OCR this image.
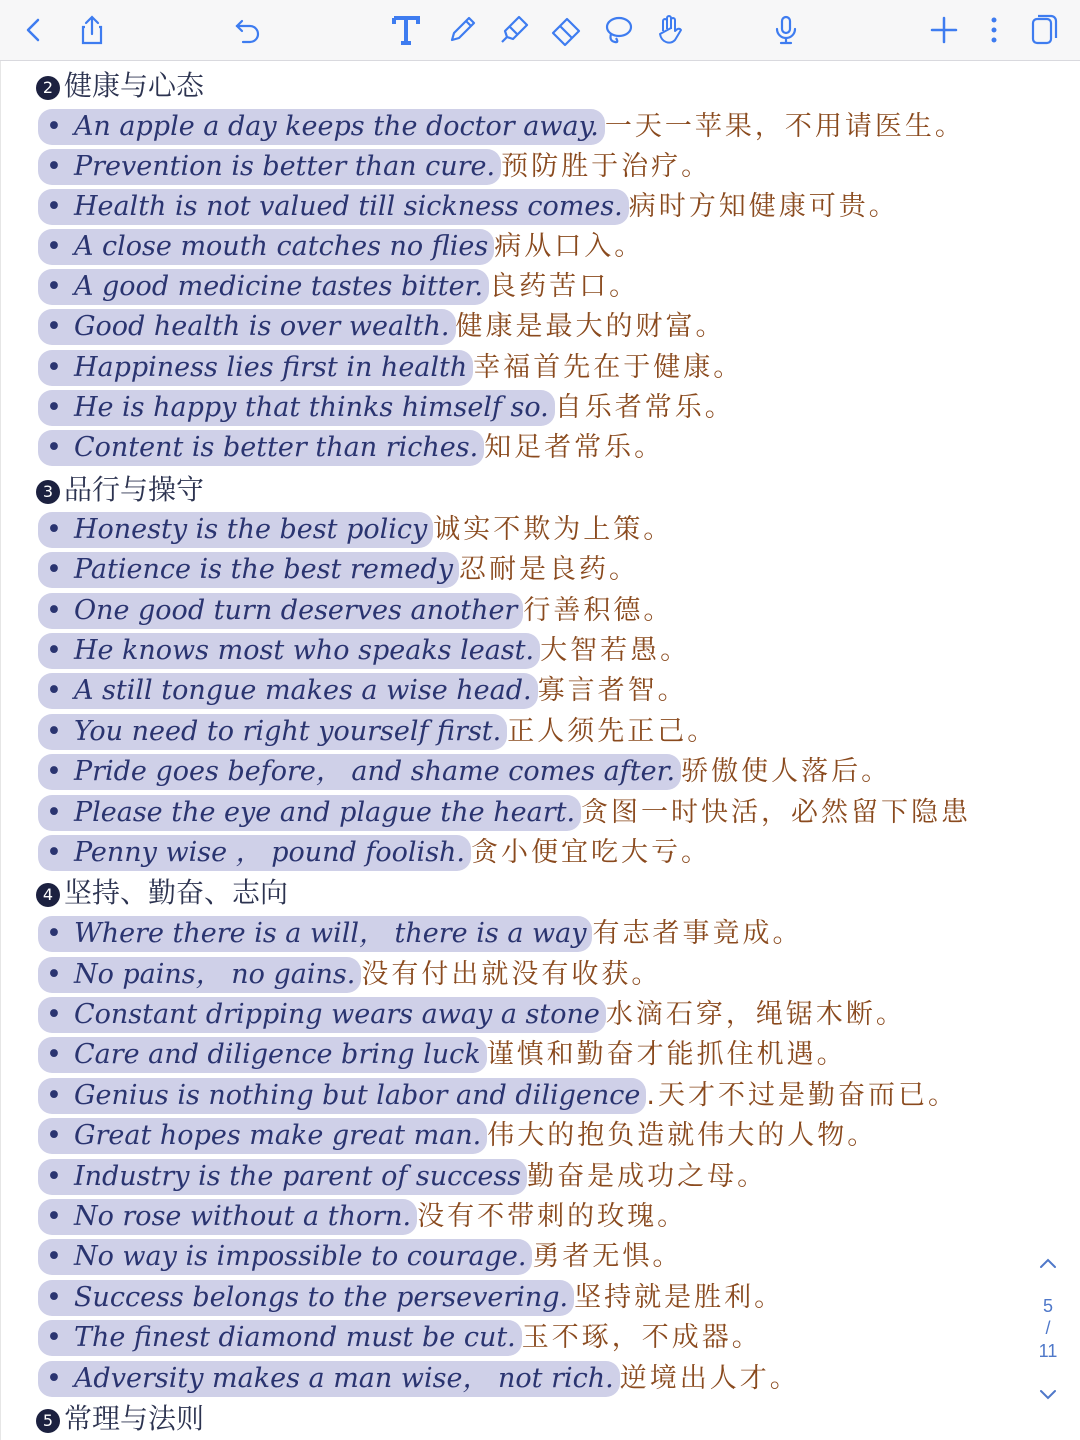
2 健康与心态
3 品行与操守
4 坚持、勤奋、志向
5 常理与法则
• An apple a day keeps the doctor away. 一天一苹果，不用请医生。
• Prevention is better than cure. 预防胜于治疗。
• Health is not valued till sickness comes. 病时方知健康可贵。
• A close mouth catches no flies 病从口入。
• A good medicine tastes bitter. 良药苦口。
• Good health is over wealth. 健康是最大的财富。
• Happiness lies first in health 幸福首先在于健康。
• He is happy that thinks himself so. 自乐者常乐。
• Content is better than riches. 知足者常乐。
• Honesty is the best policy 诚实不欺为上策。
• Patience is the best remedy 忍耐是良药。
• One good turn deserves another 行善积德。
• He knows most who speaks least. 大智若愚。
• A still tongue makes a wise head. 寡言者智。
• You need to right yourself first. 正人须先正己。
• Pride goes before， and shame comes after. 骄傲使人落后。
• Please the eye and plague the heart. 贪图一时快活，必然留下隐患
• Penny wise ， pound foolish. 贪小便宜吃大亏。
• Where there is a will， there is a way 有志者事竟成。
• No pains， no gains. 没有付出就没有收获。
• Constant dripping wears away a stone 水滴石穿，绳锯木断。
• Care and diligence bring luck 谨慎和勤奋才能抓住机遇。
• Genius is nothing but labor and diligence .天才不过是勤奋而已。
• Great hopes make great man. 伟大的抱负造就伟大的人物。
• Industry is the parent of success 勤奋是成功之母。
• No rose without a thorn. 没有不带刺的玫瑰。
• No way is impossible to courage. 勇者无惧。
• Success belongs to the persevering. 坚持就是胜利。
• The finest diamond must be cut. 玉不琢，不成器。
• Adversity makes a man wise， not rich. 逆境出人才。
5
/
11
